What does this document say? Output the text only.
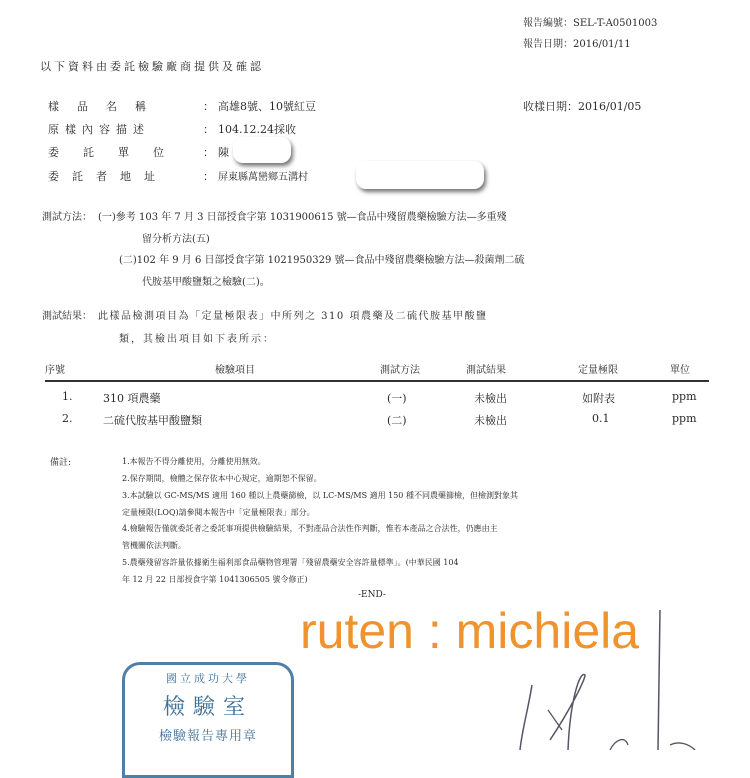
報告編號：SEL-T-A0501003
報告日期：2016/01/11
以下資料由委託檢驗廠商提供及確認
樣品名稱	： 高雄8號、10號紅豆	收樣日期：2016/01/05
原樣內容描述	： 104.12.24採收
委託單位 ： 陳
委託者地址	： 屏東縣萬巒鄉五溝村
測試方法： (一)參考 103 年 7 月 3 日部授食字第 1031900615 號—食品中殘留農藥檢驗方法—多重殘
留分析方法(五)
(二)102 年 9 月 6 日部授食字第 1021950329 號—食品中殘留農藥檢驗方法—殺菌劑二硫
代胺基甲酸鹽類之檢驗(二)。
測試結果： 此樣品檢測項目為「定量極限表」中所列之 310 項農藥及二硫代胺基甲酸鹽
類，其檢出項目如下表所示：
序號	檢驗項目	測試方法	測試結果	定量極限	單位
1.	310 項農藥	(一)	未檢出	如附表	ppm
2.	二硫代胺基甲酸鹽類	(二)	未檢出	0.1	ppm
備註:	1.本報告不得分離使用，分離使用無效。
2.保存期間，檢體之保存依本中心規定，逾期恕不保留。
3.本試驗以 GC-MS/MS 適用 160 種以上農藥篩檢，以 LC-MS/MS 適用 150 種不同農藥篩檢，但檢測對象其
定量極限(LOQ)請參閱本報告中「定量極限表」部分。
4.檢驗報告僅就委託者之委託事項提供檢驗結果，不對產品合法性作判斷，惟若本產品之合法性，仍應由主
管機關依法判斷。
5.農藥殘留容許量依據衛生福利部食品藥物管理署「殘留農藥安全容許量標準」。(中華民國 104
年 12 月 22 日部授食字第 1041306505 號令修正)
-END-
ruten : michiela
國立成功大學
檢驗室
檢驗報告專用章
